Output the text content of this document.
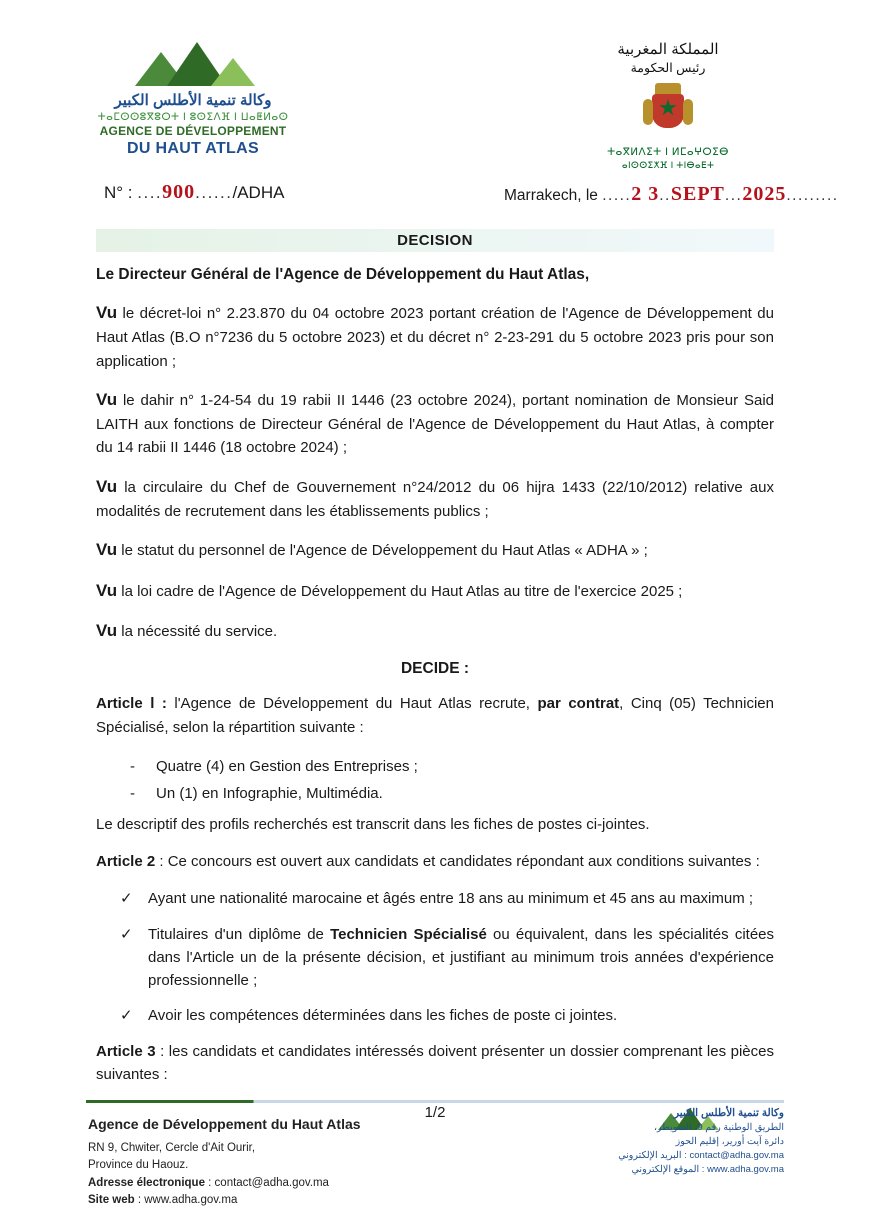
وكالة تنمية الأطلس الكبير
ⵜⴰⵎⵙⵙⵓⴳⵓⵔⵜ ⵏ ⵓⵙⵉⴷⴼ ⵏ ⵡⴰⵟⵍⴰⵙ
AGENCE DE DÉVELOPPEMENT
DU HAUT ATLAS
المملكة المغربية
رئيس الحكومة
★
ⵜⴰⴳⵍⴷⵉⵜ ⵏ ⵍⵎⴰⵖⵔⵉⴱ
ⴰⵏⵙⵙⵉⵅⴼ ⵏ ⵜⵏⴱⴰⴹⵜ
N° : ....900....../ADHA	Marrakech, le .....2 3..SEPT...2025.........
DECISION
Le Directeur Général de l'Agence de Développement du Haut Atlas,

Vu le décret-loi n° 2.23.870 du 04 octobre 2023 portant création de l'Agence de Développement du Haut Atlas (B.O n°7236 du 5 octobre 2023) et du décret n° 2-23-291 du 5 octobre 2023 pris pour son application ;

Vu le dahir n° 1-24-54 du 19 rabii II 1446 (23 octobre 2024), portant nomination de Monsieur Said LAITH aux fonctions de Directeur Général de l'Agence de Développement du Haut Atlas, à compter du 14 rabii II 1446 (18 octobre 2024) ;

Vu la circulaire du Chef de Gouvernement n°24/2012 du 06 hijra 1433 (22/10/2012) relative aux modalités de recrutement dans les établissements publics ;

Vu le statut du personnel de l'Agence de Développement du Haut Atlas « ADHA » ;

Vu la loi cadre de l'Agence de Développement du Haut Atlas au titre de l'exercice 2025 ;

Vu la nécessité du service.

DECIDE :

Article l : l'Agence de Développement du Haut Atlas recrute, par contrat, Cinq (05) Technicien Spécialisé, selon la répartition suivante :

- Quatre (4) en Gestion des Entreprises ;
- Un (1) en Infographie, Multimédia.

Le descriptif des profils recherchés est transcrit dans les fiches de postes ci-jointes.

Article 2 : Ce concours est ouvert aux candidats et candidates répondant aux conditions suivantes :

✓ Ayant une nationalité marocaine et âgés entre 18 ans au minimum et 45 ans au maximum ;
✓ Titulaires d'un diplôme de Technicien Spécialisé ou équivalent, dans les spécialités citées dans l'Article un de la présente décision, et justifiant au minimum trois années d'expérience professionnelle ;
✓ Avoir les compétences déterminées dans les fiches de poste ci jointes.

Article 3 : les candidats et candidates intéressés doivent présenter un dossier comprenant les pièces suivantes :

1/2
Agence de Développement du Haut Atlas
RN 9, Chwiter, Cercle d'Ait Ourir,
Province du Haouz.
Adresse électronique : contact@adha.gov.ma
Site web : www.adha.gov.ma
وكالة تنمية الأطلس الكبير
الطريق الوطنية رقم 9، الشويطر،
دائرة آيت أورير، إقليم الحوز
contact@adha.gov.ma : البريد الإلكتروني
www.adha.gov.ma : الموقع الإلكتروني
